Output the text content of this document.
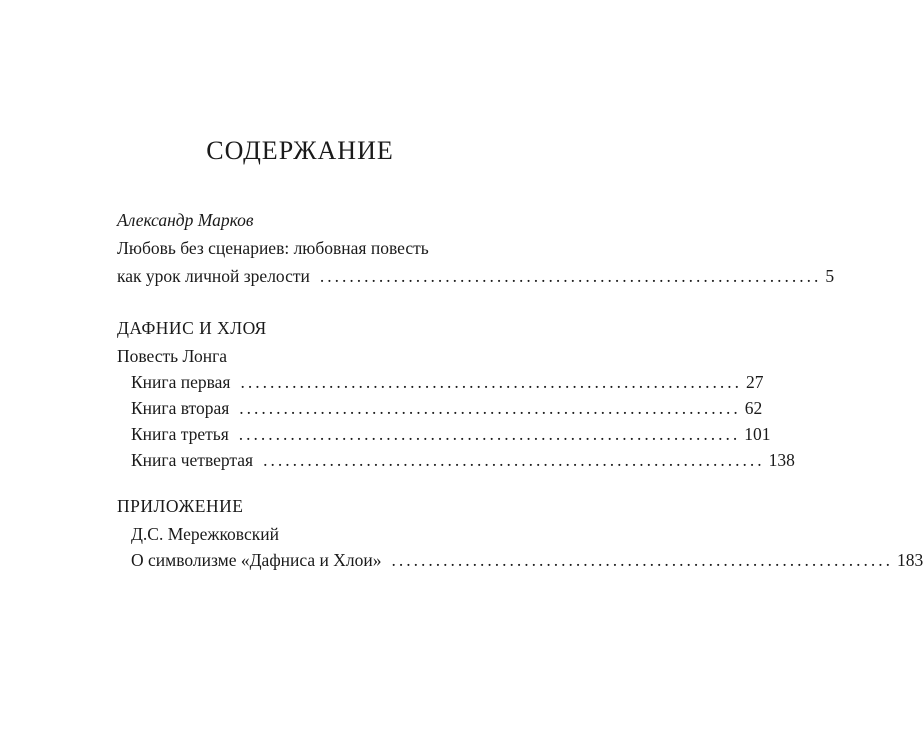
СОДЕРЖАНИЕ
Александр Марков
Любовь без сценариев: любовная повесть
как урок личной зрелости .................................................................... 5
ДАФНИС И ХЛОЯ
Повесть Лонга
Книга первая .................................................................... 27
Книга вторая .................................................................... 62
Книга третья .................................................................... 101
Книга четвертая .................................................................... 138
ПРИЛОЖЕНИЕ
Д.С. Мережковский
О символизме «Дафниса и Хлои» .................................................................... 183
